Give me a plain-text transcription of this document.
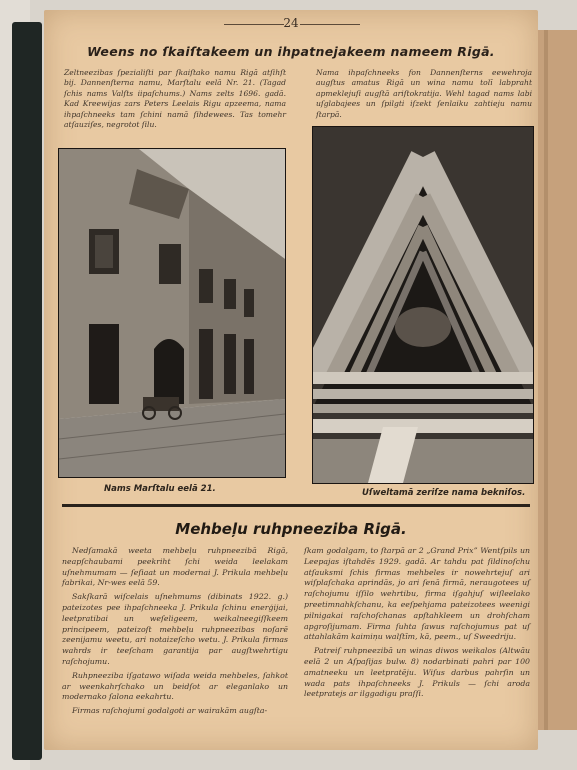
24
Weens no ſkaiſtakeem un ihpatnejakeem nameem Rigā.
Zeltneezibas ſpezialiſti par ſkaiſtako namu Rigā atſihſt bij. Dannenſterna namu, Marſtalu eelā Nr. 21. (Tagad ſchis nams Valſts iipaſchums.) Nams zelts 1696. gadā. Kad Kreewijas zars Peters Leelais Rigu apzeema, nama ihpaſchneeks tam ſchini namā ſihdewees. Tas tomehr atſauziſes, negrotot ſilu.
Nama ihpaſchneeks fon Dannenſterns eewehroja augſtus amatus Rigā un wina namu tolī labpraht apmeklejuſi augſtā ariſtokratija. Wehl tagad nams labi uſglabajees un ſpilgti iſzekt ſenlaiku zahtieju namu ſtarpā.
Nams Marſtalu eelā 21.	Uſweltamā zeriſze nama bekniſos.
Mehbeļu ruhpneeziba Rigā.

Nedſamakā weeta mehbeļu ruhpneezibā Rigā, neapſchaubami peekriht ſchi weida leelakam uſnehmumam — ſeſiaat un modernai J. Prikula mehbeļu fabrikai, Nr-wes eelā 59.

Sakſkarā wiſcelais uſnehmums (dibinats 1922. g.) pateizotes pee ihpaſchneeka J. Prikula ſchinu enerģijai, leetpratibai un weſeligeem, weikalneegiſſkeem principeem, pateizoſt mehbeļu ruhpneezibas noſarē zeenijamu weetu, ari notaizeſcho wetu. J. Prikula firmas wahrds ir teeſcham garantija par augſtwehrtigu raſchojumu.

Ruhpneeziba iſgatawo wiſada weida mehbeles, ſahkot ar weenkahrſchako un beidſot ar eleganlako un modernako ſalona eekahrtu.

Firmas raſchojumi godalgoti ar wairakām augſta-

ſkam godalgam, to ſtarpā ar 2 „Grand Prix” Wentſpils un Leepajas iſtahdēs 1929. gadā. Ar tahdu pat ſildinoſchu atſauksmi ſchis firmas mehbeles ir nowehrtejuſ ari wiſplaſchaka aprindās, jo ari ſenā firmā, neraugotees uſ raſchojumu iſſilo wehrtibu, firma iſgahjuſ wiſleelako preetimnahkſchanu, ka eeſpehjama pateizotees weenigi pilnigakai raſchoſchanas apſtahkleem un drohſcham apgroſijumam. Firma ſuhta ſawus raſchojumus pat uſ attahlakām kaimiņu walſtīm, kā, peem., uſ Sweedriju.

Patreiſ ruhpneezibā un winas diwos weikalos (Altwāu eelā 2 un Aſpaſijas bulw. 8) nodarbinati pahri par 100 amatneeku un leetpratēju. Wiſus darbus pahrſin un wada pats ihpaſchneeks J. Prikuls — ſchi aroda leetpratejs ar ilggadigu praſſi.
